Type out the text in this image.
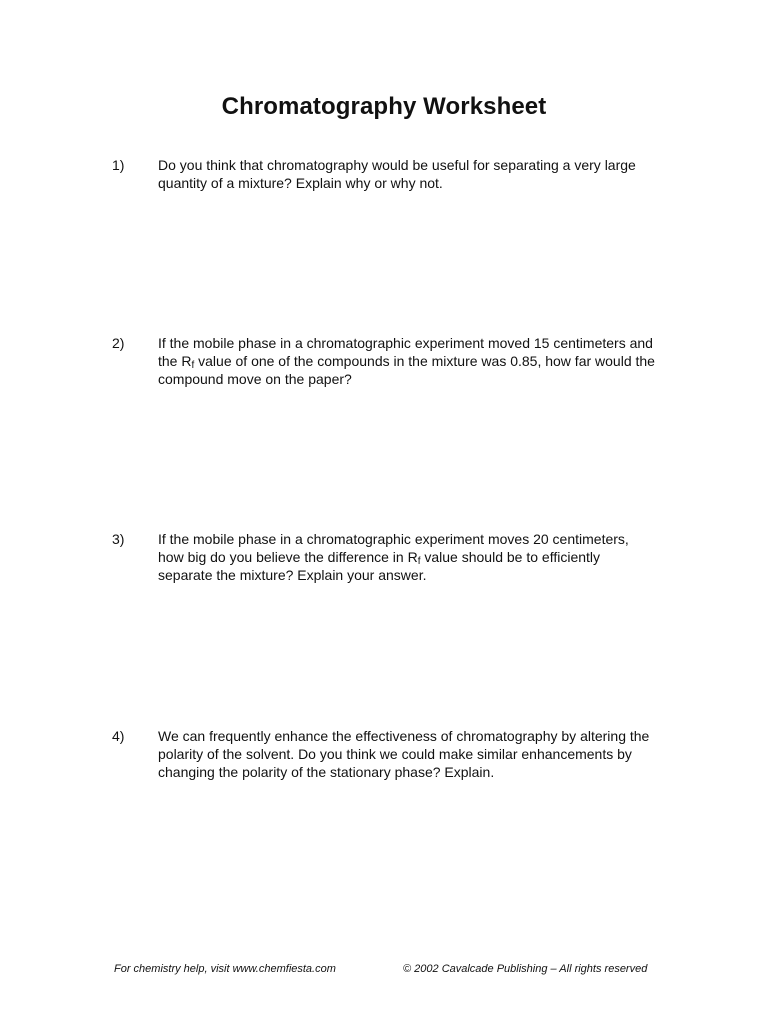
Chromatography Worksheet
1) Do you think that chromatography would be useful for separating a very large quantity of a mixture? Explain why or why not.
2) If the mobile phase in a chromatographic experiment moved 15 centimeters and the $R_f$ value of one of the compounds in the mixture was 0.85, how far would the compound move on the paper?
3) If the mobile phase in a chromatographic experiment moves 20 centimeters, how big do you believe the difference in $R_f$ value should be to efficiently separate the mixture? Explain your answer.
4) We can frequently enhance the effectiveness of chromatography by altering the polarity of the solvent. Do you think we could make similar enhancements by changing the polarity of the stationary phase? Explain.
For chemistry help, visit www.chemfiesta.com	© 2002 Cavalcade Publishing – All rights reserved
